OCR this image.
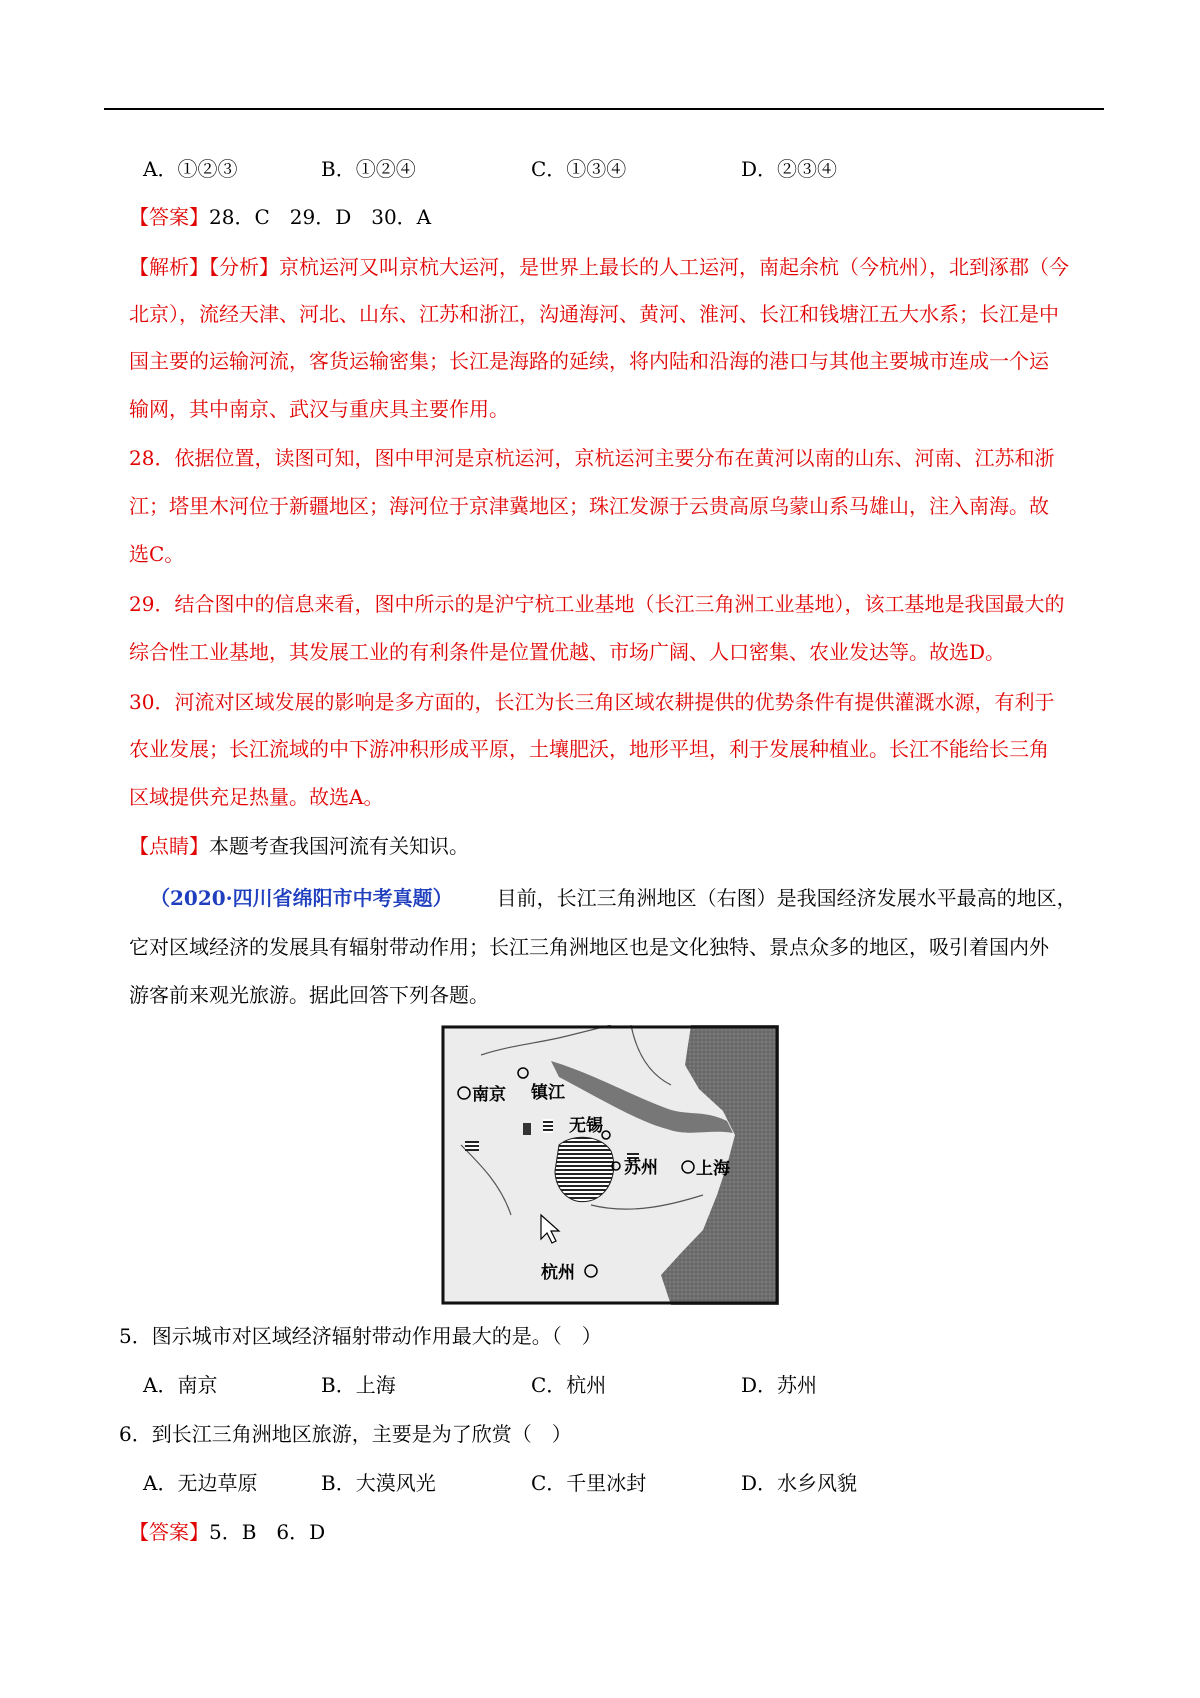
A．①②③	B．①②④	C．①③④	D．②③④
【答案】28．C　29．D　30．A
【解析】【分析】京杭运河又叫京杭大运河，是世界上最长的人工运河，南起余杭（今杭州），北到涿郡（今
北京），流经天津、河北、山东、江苏和浙江，沟通海河、黄河、淮河、长江和钱塘江五大水系；长江是中
国主要的运输河流，客货运输密集；长江是海路的延续，将内陆和沿海的港口与其他主要城市连成一个运
输网，其中南京、武汉与重庆具主要作用。
28．依据位置，读图可知，图中甲河是京杭运河，京杭运河主要分布在黄河以南的山东、河南、江苏和浙
江；塔里木河位于新疆地区；海河位于京津冀地区；珠江发源于云贵高原乌蒙山系马雄山，注入南海。故
选C。
29．结合图中的信息来看，图中所示的是沪宁杭工业基地（长江三角洲工业基地），该工基地是我国最大的
综合性工业基地，其发展工业的有利条件是位置优越、市场广阔、人口密集、农业发达等。故选D。
30．河流对区域发展的影响是多方面的，长江为长三角区域农耕提供的优势条件有提供灌溉水源，有利于
农业发展；长江流域的中下游冲积形成平原，土壤肥沃，地形平坦，利于发展种植业。长江不能给长三角
区域提供充足热量。故选A。
【点睛】本题考查我国河流有关知识。
（2020·四川省绵阳市中考真题） 目前，长江三角洲地区（右图）是我国经济发展水平最高的地区，
它对区域经济的发展具有辐射带动作用；长江三角洲地区也是文化独特、景点众多的地区，吸引着国内外
游客前来观光旅游。据此回答下列各题。
南京 镇江
无锡
苏州 上海
杭州
5．图示城市对区域经济辐射带动作用最大的是。（　）
A．南京	B．上海	C．杭州	D．苏州
6．到长江三角洲地区旅游，主要是为了欣赏（　）
A．无边草原	B．大漠风光	C．千里冰封	D．水乡风貌
【答案】5．B　6．D
